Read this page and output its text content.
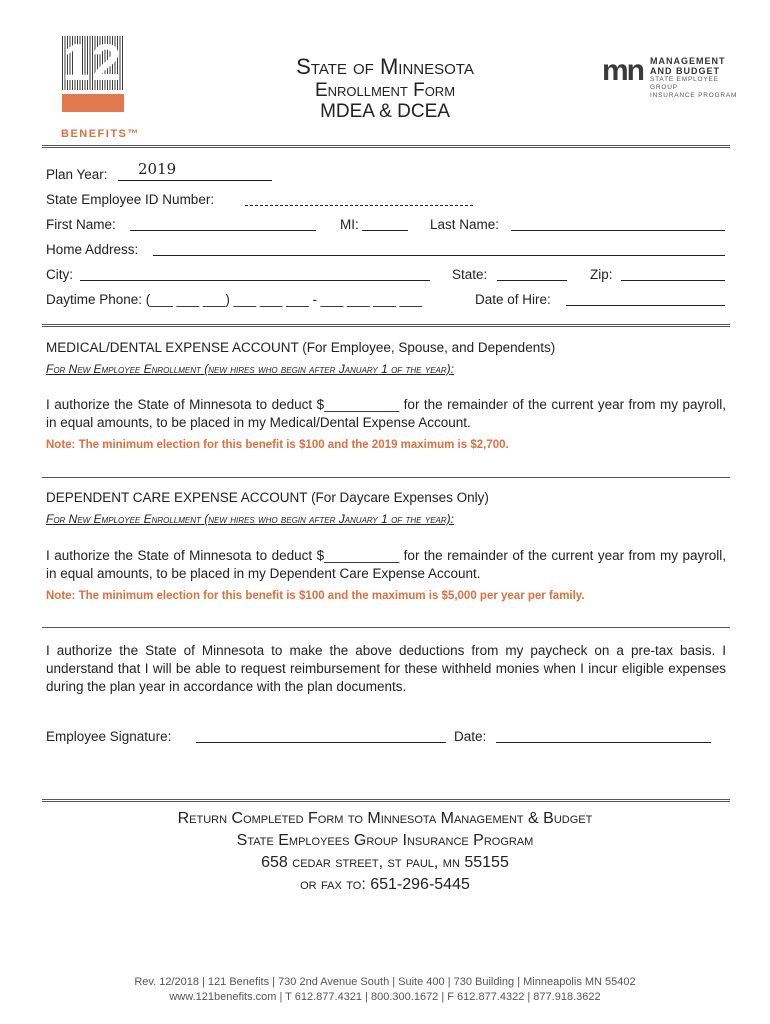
121
BENEFITS™
mn MANAGEMENT
AND BUDGET
STATE EMPLOYEE GROUP
INSURANCE PROGRAM
State of Minnesota
Enrollment Form
MDEA & DCEA
Plan Year: 2019
State Employee ID Number:
First Name:	MI:	Last Name:
Home Address:
City:	State:	Zip:
Daytime Phone: (___ ___ ___) ___ ___ ___ - ___ ___ ___ ___	Date of Hire:
MEDICAL/DENTAL EXPENSE ACCOUNT (For Employee, Spouse, and Dependents)
For New Employee Enrollment (new hires who begin after January 1 of the year):
I authorize the State of Minnesota to deduct $__________ for the remainder of the current year from my payroll, in equal amounts, to be placed in my Medical/Dental Expense Account.
Note: The minimum election for this benefit is $100 and the 2019 maximum is $2,700.
DEPENDENT CARE EXPENSE ACCOUNT (For Daycare Expenses Only)
For New Employee Enrollment (new hires who begin after January 1 of the year):
I authorize the State of Minnesota to deduct $__________ for the remainder of the current year from my payroll, in equal amounts, to be placed in my Dependent Care Expense Account.
Note: The minimum election for this benefit is $100 and the maximum is $5,000 per year per family.
I authorize the State of Minnesota to make the above deductions from my paycheck on a pre-tax basis. I understand that I will be able to request reimbursement for these withheld monies when I incur eligible expenses during the plan year in accordance with the plan documents.
Employee Signature:	Date:
Return Completed Form to Minnesota Management & Budget
State Employees Group Insurance Program
658 cedar street, st paul, mn 55155
or fax to: 651-296-5445
Rev. 12/2018 | 121 Benefits | 730 2nd Avenue South | Suite 400 | 730 Building | Minneapolis MN 55402
www.121benefits.com | T 612.877.4321 | 800.300.1672 | F 612.877.4322 | 877.918.3622
